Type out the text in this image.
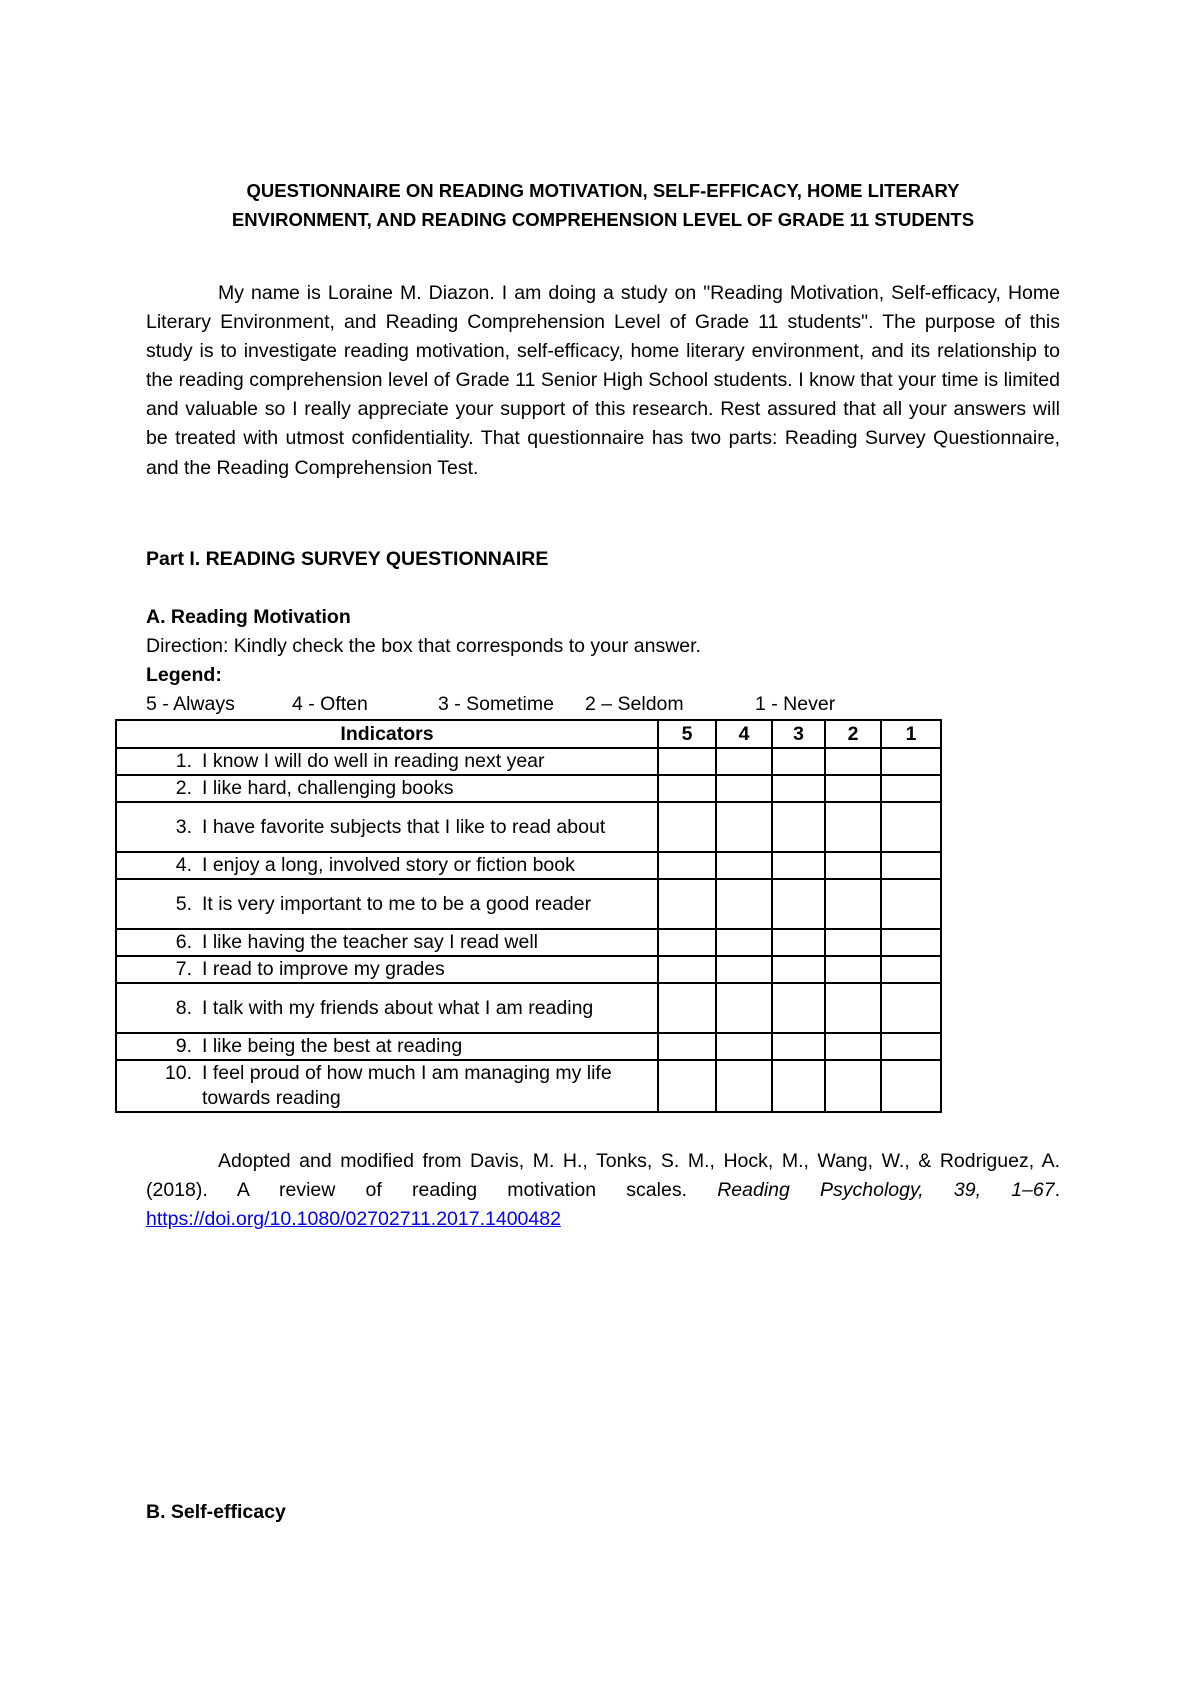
QUESTIONNAIRE ON READING MOTIVATION, SELF-EFFICACY, HOME LITERARY
ENVIRONMENT, AND READING COMPREHENSION LEVEL OF GRADE 11 STUDENTS

My name is Loraine M. Diazon. I am doing a study on "Reading Motivation, Self-efficacy, Home Literary Environment, and Reading Comprehension Level of Grade 11 students". The purpose of this study is to investigate reading motivation, self-efficacy, home literary environment, and its relationship to the reading comprehension level of Grade 11 Senior High School students. I know that your time is limited and valuable so I really appreciate your support of this research. Rest assured that all your answers will be treated with utmost confidentiality. That questionnaire has two parts: Reading Survey Questionnaire, and the Reading Comprehension Test.

Part I. READING SURVEY QUESTIONNAIRE
A. Reading Motivation
Direction: Kindly check the box that corresponds to your answer.
Legend:
5 - Always	4 - Often	3 - Sometime 2 – Seldom	1 - Never
Indicators	5	4	3	2	1

1. I know I will do well in reading next year					

2. I like hard, challenging books					

3. I have favorite subjects that I like to read about					

4. I enjoy a long, involved story or fiction book					

5. It is very important to me to be a good reader					

6. I like having the teacher say I read well					

7. I read to improve my grades					

8. I talk with my friends about what I am reading					

9. I like being the best at reading					

10. I feel proud of how much I am managing my life towards reading					

Adopted and modified from Davis, M. H., Tonks, S. M., Hock, M., Wang, W., & Rodriguez, A. (2018). A review of reading motivation scales. Reading Psychology, 39, 1–67. https://doi.org/10.1080/02702711.2017.1400482

B. Self-efficacy
